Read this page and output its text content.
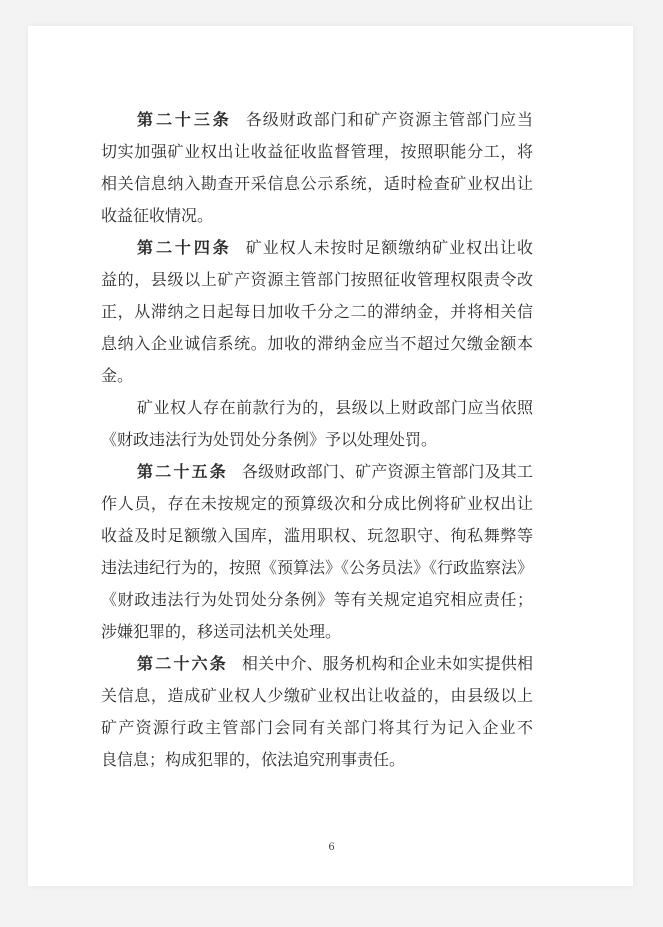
第二十三条 各级财政部门和矿产资源主管部门应当
切实加强矿业权出让收益征收监督管理，按照职能分工，将
相关信息纳入勘查开采信息公示系统，适时检查矿业权出让
收益征收情况。
第二十四条 矿业权人未按时足额缴纳矿业权出让收
益的，县级以上矿产资源主管部门按照征收管理权限责令改
正，从滞纳之日起每日加收千分之二的滞纳金，并将相关信
息纳入企业诚信系统。加收的滞纳金应当不超过欠缴金额本
金。
矿业权人存在前款行为的，县级以上财政部门应当依照
《财政违法行为处罚处分条例》予以处理处罚。
第二十五条 各级财政部门、矿产资源主管部门及其工
作人员，存在未按规定的预算级次和分成比例将矿业权出让
收益及时足额缴入国库，滥用职权、玩忽职守、徇私舞弊等
违法违纪行为的，按照《预算法》《公务员法》《行政监察法》
《财政违法行为处罚处分条例》等有关规定追究相应责任；
涉嫌犯罪的，移送司法机关处理。
第二十六条 相关中介、服务机构和企业未如实提供相
关信息，造成矿业权人少缴矿业权出让收益的，由县级以上
矿产资源行政主管部门会同有关部门将其行为记入企业不
良信息；构成犯罪的，依法追究刑事责任。
6
